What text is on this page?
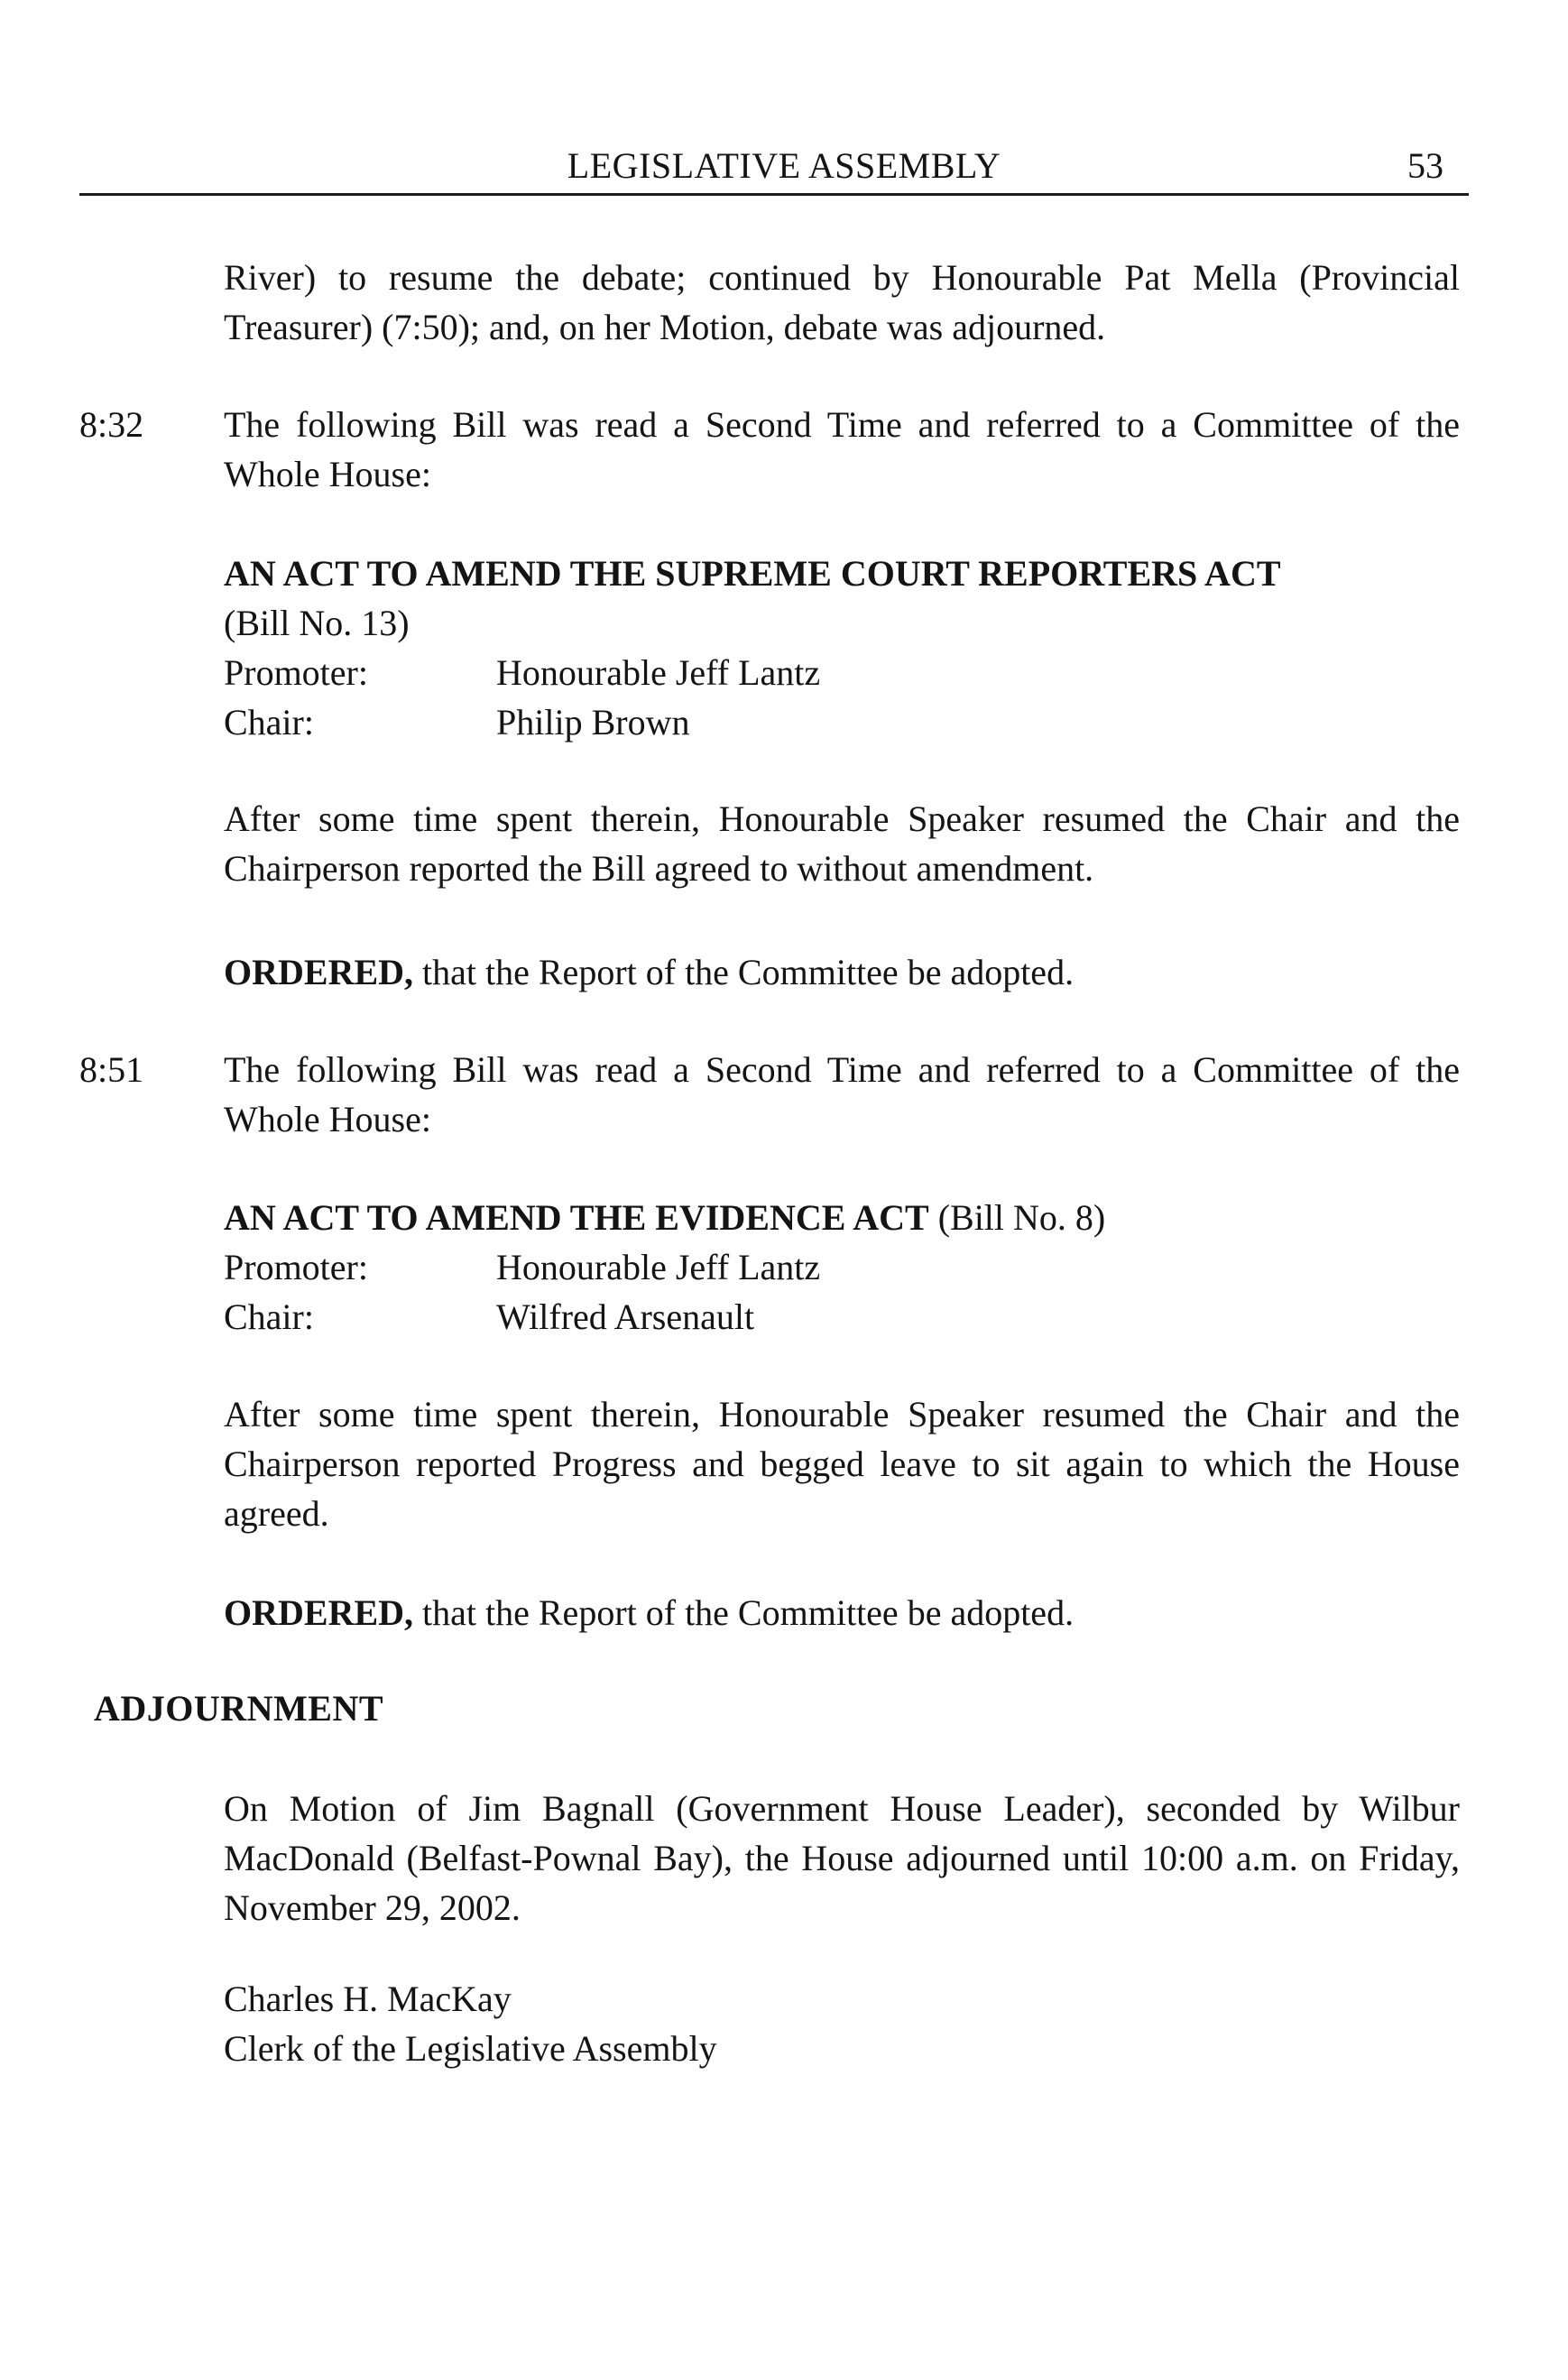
LEGISLATIVE ASSEMBLY	53

River) to resume the debate; continued by Honourable Pat Mella (Provincial Treasurer) (7:50); and, on her Motion, debate was adjourned.

8:32 The following Bill was read a Second Time and referred to a Committee of the Whole House:

AN ACT TO AMEND THE SUPREME COURT REPORTERS ACT

(Bill No. 13)
Promoter:	Honourable Jeff Lantz
Chair:	Philip Brown

After some time spent therein, Honourable Speaker resumed the Chair and the Chairperson reported the Bill agreed to without amendment.

ORDERED, that the Report of the Committee be adopted.

8:51 The following Bill was read a Second Time and referred to a Committee of the Whole House:

AN ACT TO AMEND THE EVIDENCE ACT (Bill No. 8)

Promoter:	Honourable Jeff Lantz
Chair:	Wilfred Arsenault

After some time spent therein, Honourable Speaker resumed the Chair and the Chairperson reported Progress and begged leave to sit again to which the House agreed.

ORDERED, that the Report of the Committee be adopted.

ADJOURNMENT

On Motion of Jim Bagnall (Government House Leader), seconded by Wilbur MacDonald (Belfast-Pownal Bay), the House adjourned until 10:00 a.m. on Friday, November 29, 2002.

Charles H. MacKay
Clerk of the Legislative Assembly
